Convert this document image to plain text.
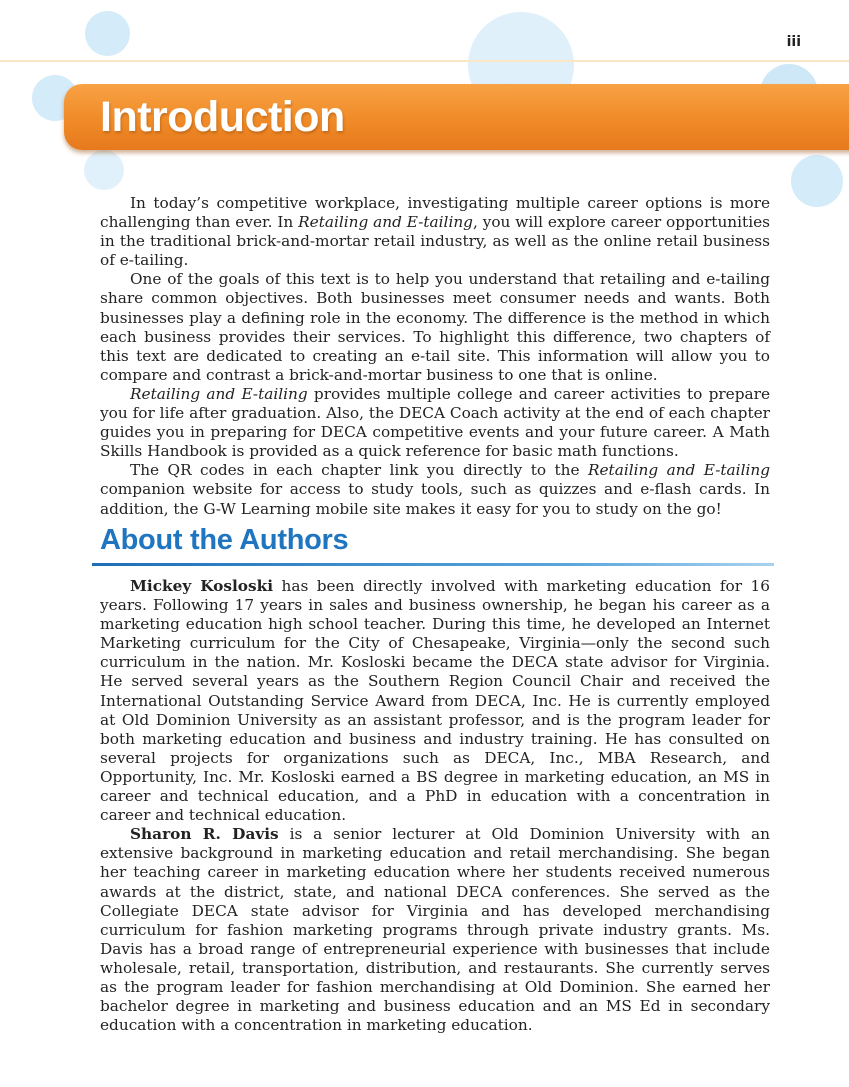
iii
Introduction

In today’s competitive workplace, investigating multiple career options is more challenging than ever. In Retailing and E-tailing, you will explore career opportunities in the traditional brick-and-mortar retail industry, as well as the online retail business of e-tailing.

One of the goals of this text is to help you understand that retailing and e-tailing share common objectives. Both businesses meet consumer needs and wants. Both businesses play a defining role in the economy. The difference is the method in which each business provides their services. To highlight this difference, two chapters of this text are dedicated to creating an e-tail site. This information will allow you to compare and contrast a brick-and-mortar business to one that is online.

Retailing and E-tailing provides multiple college and career activities to prepare you for life after graduation. Also, the DECA Coach activity at the end of each chapter guides you in preparing for DECA competitive events and your future career. A Math Skills Handbook is provided as a quick reference for basic math functions.

The QR codes in each chapter link you directly to the Retailing and E-tailing companion website for access to study tools, such as quizzes and e-flash cards. In addition, the G-W Learning mobile site makes it easy for you to study on the go!

About the Authors

Mickey Kosloski has been directly involved with marketing education for 16 years. Following 17 years in sales and business ownership, he began his career as a marketing education high school teacher. During this time, he developed an Internet Marketing curriculum for the City of Chesapeake, Virginia—only the second such curriculum in the nation. Mr. Kosloski became the DECA state advisor for Virginia. He served several years as the Southern Region Council Chair and received the International Outstanding Service Award from DECA, Inc. He is currently employed at Old Dominion University as an assistant professor, and is the program leader for both marketing education and business and industry training. He has consulted on several projects for organizations such as DECA, Inc., MBA Research, and Opportunity, Inc. Mr. Kosloski earned a BS degree in marketing education, an MS in career and technical education, and a PhD in education with a concentration in career and technical education.

Sharon R. Davis is a senior lecturer at Old Dominion University with an extensive background in marketing education and retail merchandising. She began her teaching career in marketing education where her students received numerous awards at the district, state, and national DECA conferences. She served as the Collegiate DECA state advisor for Virginia and has developed merchandising curriculum for fashion marketing programs through private industry grants. Ms. Davis has a broad range of entrepreneurial experience with businesses that include wholesale, retail, transportation, distribution, and restaurants. She currently serves as the program leader for fashion merchandising at Old Dominion. She earned her bachelor degree in marketing and business education and an MS Ed in secondary education with a concentration in marketing education.
